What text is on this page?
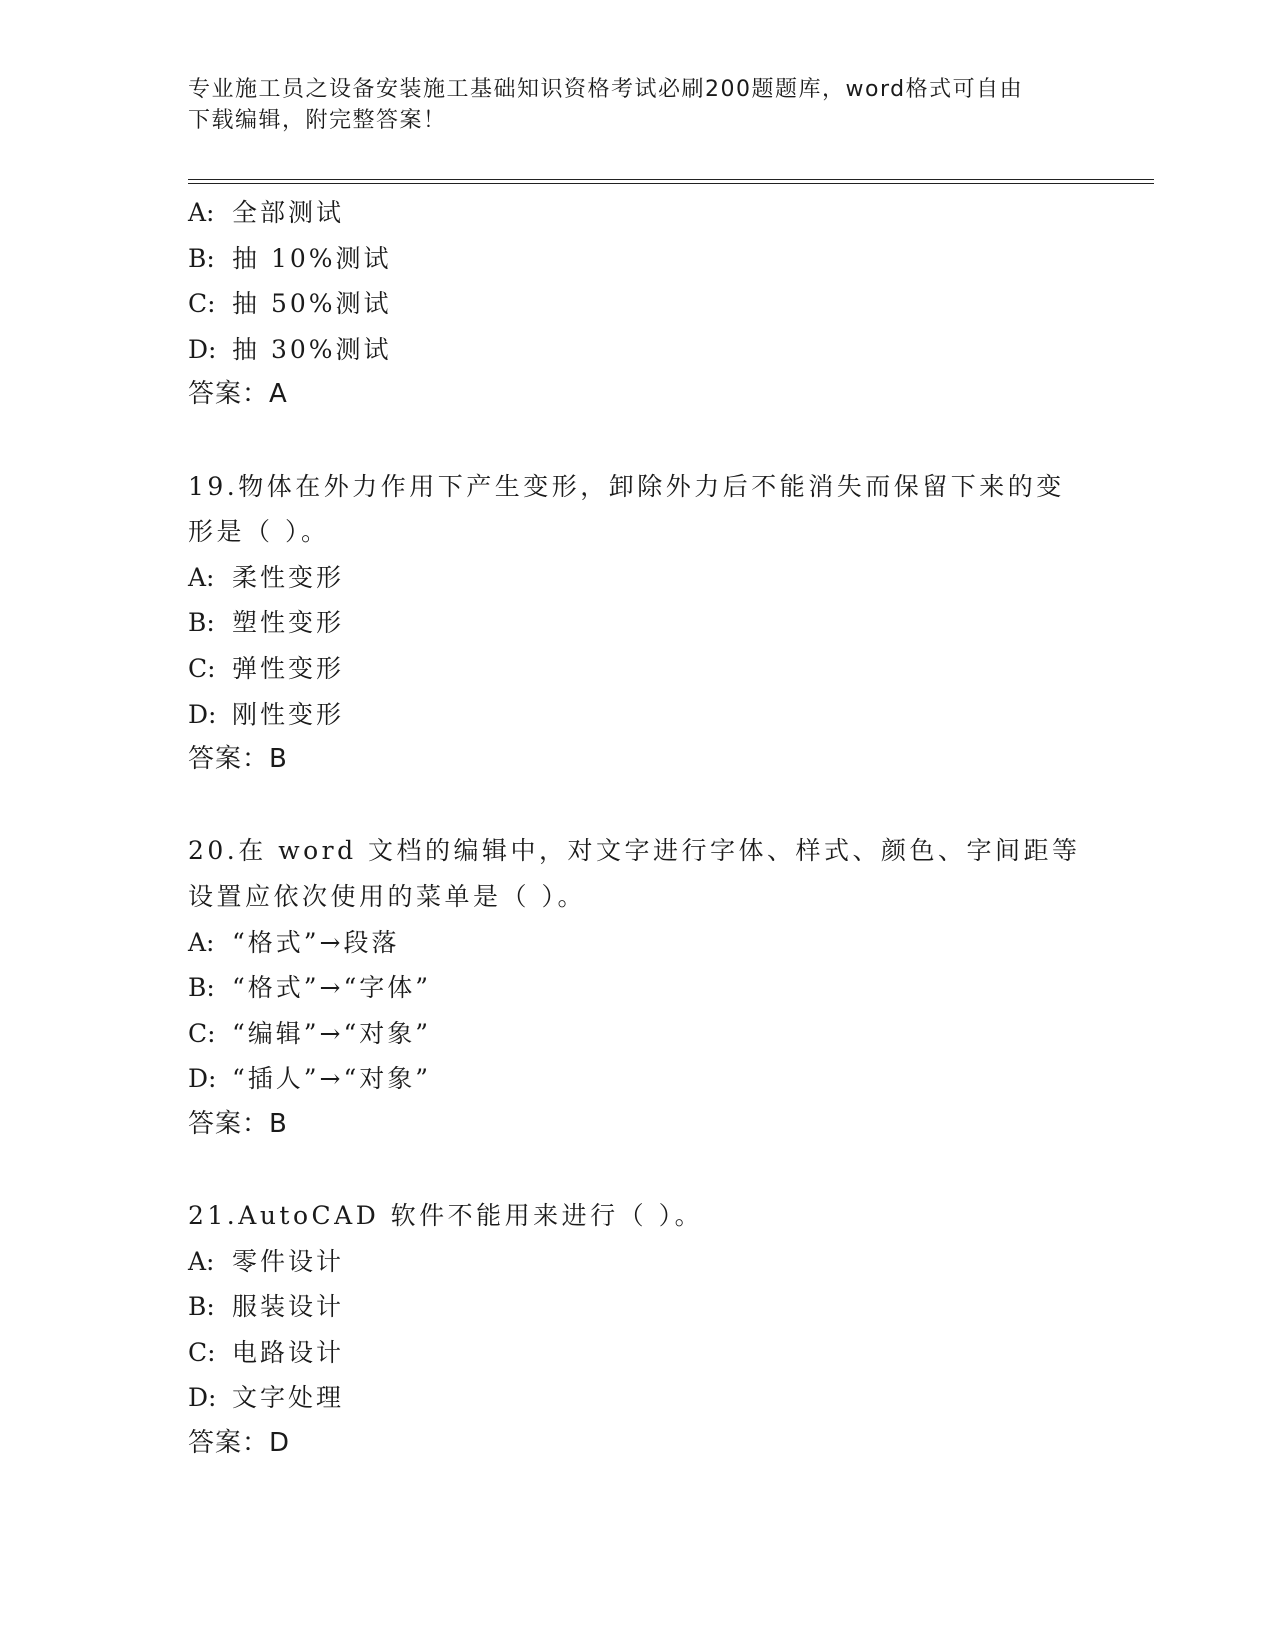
专业施工员之设备安装施工基础知识资格考试必刷200题题库，word格式可自由
下载编辑，附完整答案！
A: 全部测试
B: 抽 10%测试
C: 抽 50%测试
D: 抽 30%测试
答案：A
19.物体在外力作用下产生变形，卸除外力后不能消失而保留下来的变
形是（ ）。
A: 柔性变形
B: 塑性变形
C: 弹性变形
D: 刚性变形
答案：B
20.在 word 文档的编辑中，对文字进行字体、样式、颜色、字间距等
设置应依次使用的菜单是（ ）。
A: “格式”→段落
B: “格式”→“字体”
C: “编辑”→“对象”
D: “插人”→“对象”
答案：B
21.AutoCAD 软件不能用来进行（ ）。
A: 零件设计
B: 服装设计
C: 电路设计
D: 文字处理
答案：D
